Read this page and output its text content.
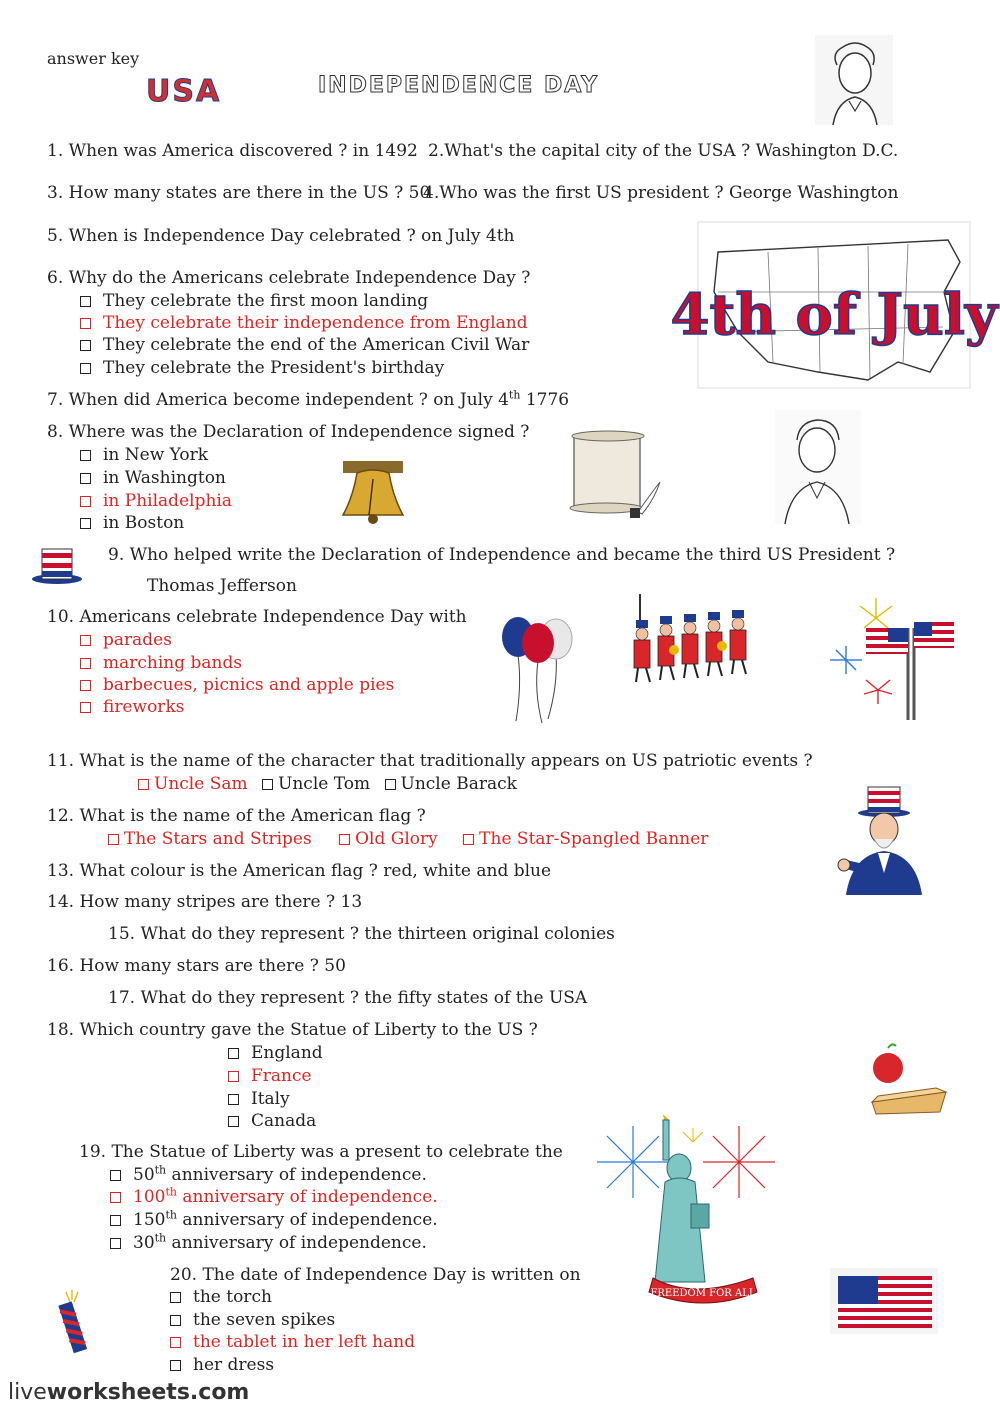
answer key
USA	INDEPENDENCE DAY
1. When was America discovered ? in 1492 2.What's the capital city of the USA ? Washington D.C.
3. How many states are there in the US ? 50
4.Who was the first US president ? George Washington
5. When is Independence Day celebrated ? on July 4th
4th of July
6. Why do the Americans celebrate Independence Day ?
They celebrate the first moon landing
They celebrate their independence from England
They celebrate the end of the American Civil War
They celebrate the President's birthday
7. When did America become independent ? on July 4th 1776
8. Where was the Declaration of Independence signed ?
in New York
in Washington
in Philadelphia
in Boston
9. Who helped write the Declaration of Independence and became the third US President ?
Thomas Jefferson
10. Americans celebrate Independence Day with
parades
marching bands
barbecues, picnics and apple pies
fireworks
11. What is the name of the character that traditionally appears on US patriotic events ?
Uncle Sam Uncle Tom Uncle Barack
12. What is the name of the American flag ?
The Stars and Stripes	Old Glory The Star-Spangled Banner
13. What colour is the American flag ? red, white and blue
14. How many stripes are there ? 13
15. What do they represent ? the thirteen original colonies
16. How many stars are there ? 50
17. What do they represent ? the fifty states of the USA
18. Which country gave the Statue of Liberty to the US ?
England
France
Italy
Canada
19. The Statue of Liberty was a present to celebrate the
50th anniversary of independence.
100th anniversary of independence.
150th anniversary of independence.
30th anniversary of independence.
FREEDOM FOR ALL
20. The date of Independence Day is written on
the torch
the seven spikes
the tablet in her left hand
her dress
liveworksheets.com
